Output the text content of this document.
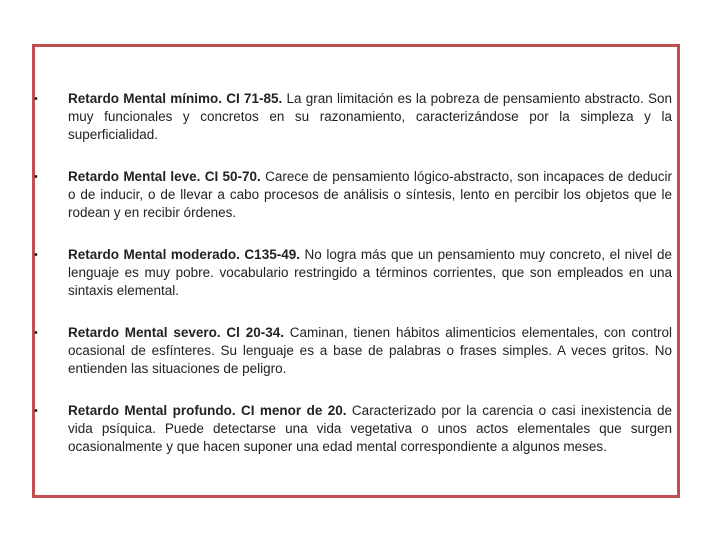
•	Retardo Mental mínimo. CI 71-85. La gran limitación es la pobreza de pensamiento abstracto. Son muy funcionales y concretos en su razonamiento, caracterizándose por la simpleza y la superficialidad.
•	Retardo Mental leve. CI 50-70. Carece de pensamiento lógico-abstracto, son incapaces de deducir o de inducir, o de llevar a cabo procesos de análisis o síntesis, lento en percibir los objetos que le rodean y en recibir órdenes.
•	Retardo Mental moderado. C135-49. No logra más que un pensamiento muy concreto, el nivel de lenguaje es muy pobre. vocabulario restringido a términos corrientes, que son empleados en una sintaxis elemental.
•	Retardo Mental severo. Cl 20-34. Caminan, tienen hábitos alimenticios elementales, con control ocasional de esfínteres. Su lenguaje es a base de palabras o frases simples. A veces gritos. No entienden las situaciones de peligro.
•	Retardo Mental profundo. CI menor de 20. Caracterizado por la carencia o casi inexistencia de vida psíquica. Puede detectarse una vida vegetativa o unos actos elementales que surgen ocasionalmente y que hacen suponer una edad mental correspondiente a algunos meses.
